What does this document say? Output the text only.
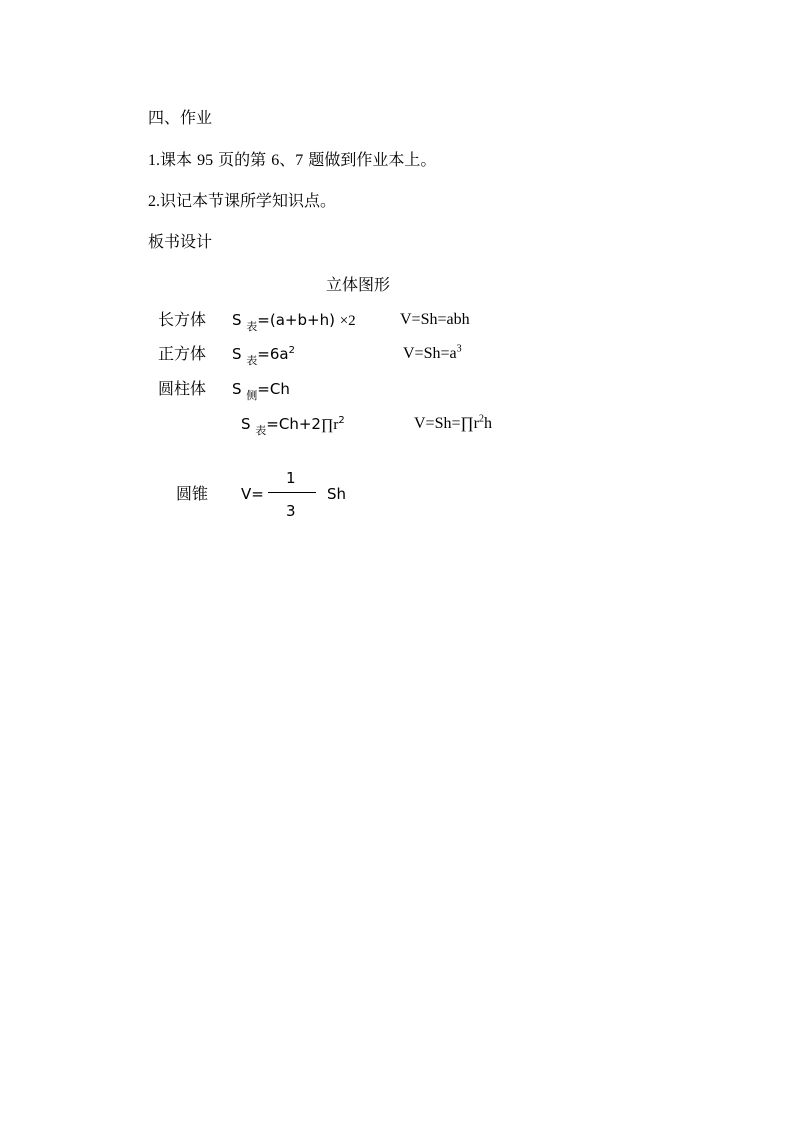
四、作业
1.课本 95 页的第 6、7 题做到作业本上。
2.识记本节课所学知识点。
板书设计
立体图形
长方体 S $_表$=(a+b+h) ×2	V=Sh=abh
正方体 S $_表=6a^2$	$V=Sh=a^3$
圆柱体 S $_侧$=Ch
S $_表=Ch+2\prod r^2$	$V=Sh=\prod r^2h$
圆锥 V=
1
3
Sh
